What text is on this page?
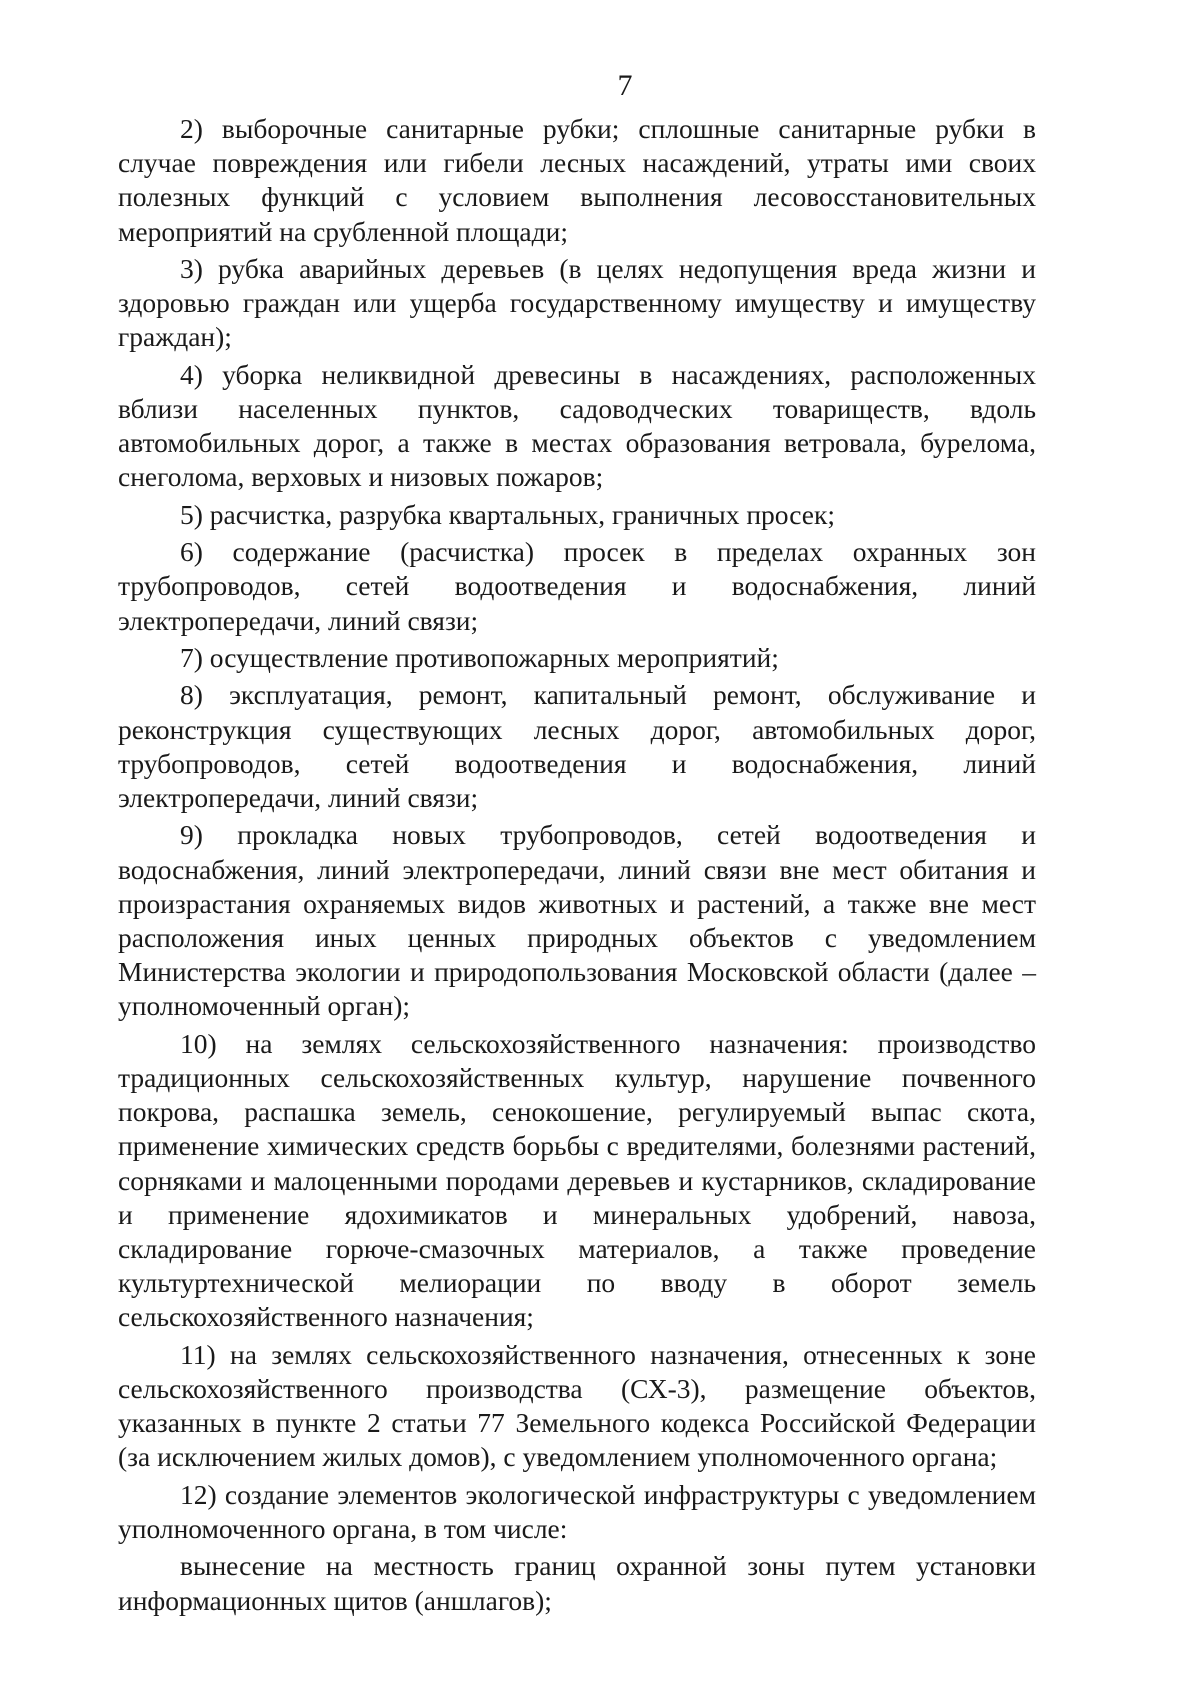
7

2) выборочные санитарные рубки; сплошные санитарные рубки в случае повреждения или гибели лесных насаждений, утраты ими своих полезных функций с условием выполнения лесовосстановительных мероприятий на срубленной площади;

3) рубка аварийных деревьев (в целях недопущения вреда жизни и здоровью граждан или ущерба государственному имуществу и имуществу граждан);

4) уборка неликвидной древесины в насаждениях, расположенных вблизи населенных пунктов, садоводческих товариществ, вдоль автомобильных дорог, а также в местах образования ветровала, бурелома, снеголома, верховых и низовых пожаров;

5) расчистка, разрубка квартальных, граничных просек;

6) содержание (расчистка) просек в пределах охранных зон трубопроводов, сетей водоотведения и водоснабжения, линий электропередачи, линий связи;

7) осуществление противопожарных мероприятий;

8) эксплуатация, ремонт, капитальный ремонт, обслуживание и реконструкция существующих лесных дорог, автомобильных дорог, трубопроводов, сетей водоотведения и водоснабжения, линий электропередачи, линий связи;

9) прокладка новых трубопроводов, сетей водоотведения и водоснабжения, линий электропередачи, линий связи вне мест обитания и произрастания охраняемых видов животных и растений, а также вне мест расположения иных ценных природных объектов с уведомлением Министерства экологии и природопользования Московской области (далее – уполномоченный орган);

10) на землях сельскохозяйственного назначения: производство традиционных сельскохозяйственных культур, нарушение почвенного покрова, распашка земель, сенокошение, регулируемый выпас скота, применение химических средств борьбы с вредителями, болезнями растений, сорняками и малоценными породами деревьев и кустарников, складирование и применение ядохимикатов и минеральных удобрений, навоза, складирование горюче-смазочных материалов, а также проведение культуртехнической мелиорации по вводу в оборот земель сельскохозяйственного назначения;

11) на землях сельскохозяйственного назначения, отнесенных к зоне сельскохозяйственного производства (СХ-3), размещение объектов, указанных в пункте 2 статьи 77 Земельного кодекса Российской Федерации (за исключением жилых домов), с уведомлением уполномоченного органа;

12) создание элементов экологической инфраструктуры с уведомлением уполномоченного органа, в том числе:

вынесение на местность границ охранной зоны путем установки информационных щитов (аншлагов);
